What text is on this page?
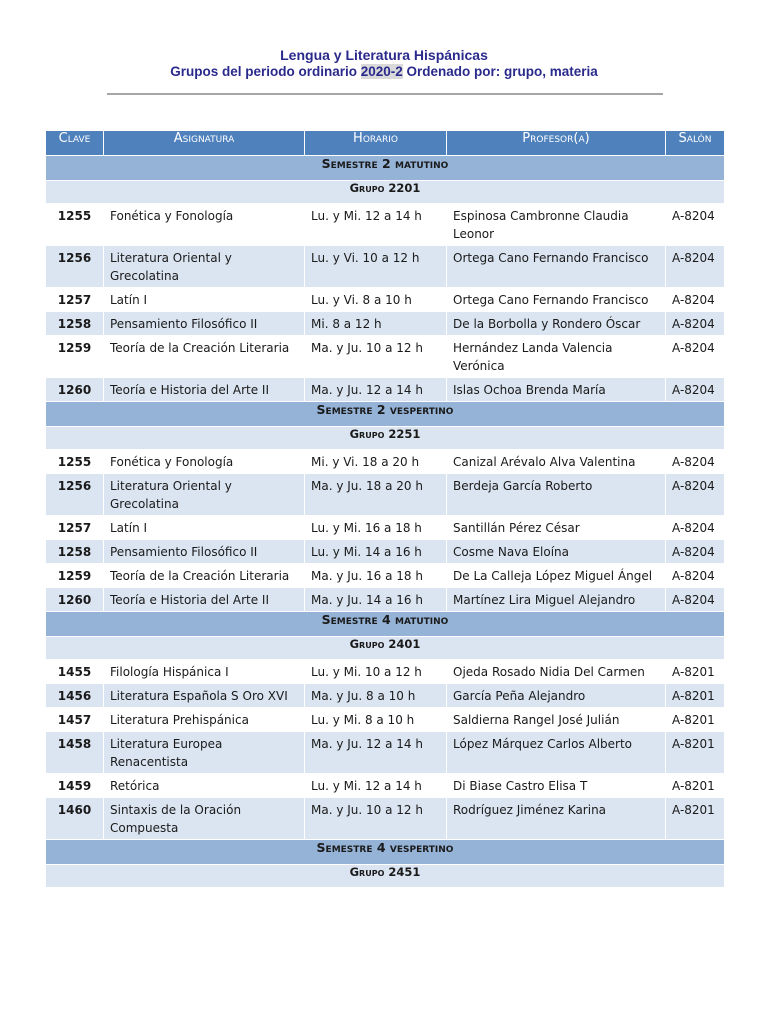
Lengua y Literatura Hispánicas
Grupos del periodo ordinario 2020-2 Ordenado por: grupo, materia
Clave	Asignatura	Horario	Profesor(a)	Salón
Semestre 2 matutino				
Grupo 2201				
1255	Fonética y Fonología	Lu. y Mi. 12 a 14 h	Espinosa Cambronne Claudia Leonor	A-8204
1256	Literatura Oriental y Grecolatina	Lu. y Vi. 10 a 12 h	Ortega Cano Fernando Francisco	A-8204
1257	Latín I	Lu. y Vi. 8 a 10 h	Ortega Cano Fernando Francisco	A-8204
1258	Pensamiento Filosófico II	Mi. 8 a 12 h	De la Borbolla y Rondero Óscar	A-8204
1259	Teoría de la Creación Literaria	Ma. y Ju. 10 a 12 h	Hernández Landa Valencia Verónica	A-8204
1260	Teoría e Historia del Arte II	Ma. y Ju. 12 a 14 h	Islas Ochoa Brenda María	A-8204
Semestre 2 vespertino				
Grupo 2251				
1255	Fonética y Fonología	Mi. y Vi. 18 a 20 h	Canizal Arévalo Alva Valentina	A-8204
1256	Literatura Oriental y Grecolatina	Ma. y Ju. 18 a 20 h	Berdeja García Roberto	A-8204
1257	Latín I	Lu. y Mi. 16 a 18 h	Santillán Pérez César	A-8204
1258	Pensamiento Filosófico II	Lu. y Mi. 14 a 16 h	Cosme Nava Eloína	A-8204
1259	Teoría de la Creación Literaria	Ma. y Ju. 16 a 18 h	De La Calleja López Miguel Ángel	A-8204
1260	Teoría e Historia del Arte II	Ma. y Ju. 14 a 16 h	Martínez Lira Miguel Alejandro	A-8204
Semestre 4 matutino				
Grupo 2401				
1455	Filología Hispánica I	Lu. y Mi. 10 a 12 h	Ojeda Rosado Nidia Del Carmen	A-8201
1456	Literatura Española S Oro XVI	Ma. y Ju. 8 a 10 h	García Peña Alejandro	A-8201
1457	Literatura Prehispánica	Lu. y Mi. 8 a 10 h	Saldierna Rangel José Julián	A-8201
1458	Literatura Europea Renacentista	Ma. y Ju. 12 a 14 h	López Márquez Carlos Alberto	A-8201
1459	Retórica	Lu. y Mi. 12 a 14 h	Di Biase Castro Elisa T	A-8201
1460	Sintaxis de la Oración Compuesta	Ma. y Ju. 10 a 12 h	Rodríguez Jiménez Karina	A-8201
Semestre 4 vespertino				
Grupo 2451				
